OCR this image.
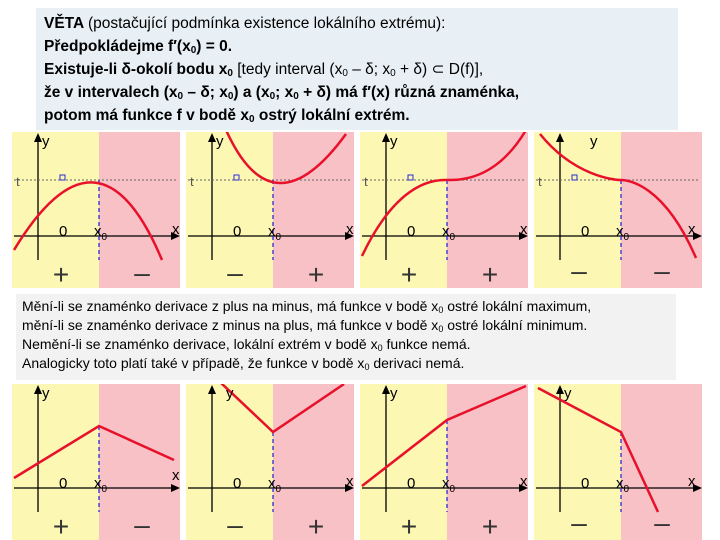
VĚTA (postačující podmínka existence lokálního extrému):
Předpokládejme $f'(x_0) = 0$.
Existuje-li δ-okolí bodu $x_0$ [tedy interval ($x_0$ – δ; $x_0 + \delta$) ⊂ D(f)],
že v intervalech ($x_0$ – δ; $x_0$) a ($x_0$; $x_0 + \delta$) má f′(x) různá znaménka,
potom má funkce f v bodě $x_0$ ostrý lokální extrém.
Mění-li se znaménko derivace z plus na minus, má funkce v bodě $x_0$ ostré lokální maximum,
mění-li se znaménko derivace z minus na plus, má funkce v bodě $x_0$ ostré lokální minimum.
Nemění-li se znaménko derivace, lokální extrém v bodě $x_0$ funkce nemá.
Analogicky toto platí také v případě, že funkce v bodě $x_0$ derivaci nemá.
y
t
x
0 $x_0$
+ –
y
t
x
0 $x_0$
– +
y
t
x
0 $x_0$
+ +
y
t
x
0 $x_0$
– –
y
x
0 $x_0$
+ –
y
x
0 $x_0$
– +
y
x
0 $x_0$
+ +
y
x
0 $x_0$
– –
